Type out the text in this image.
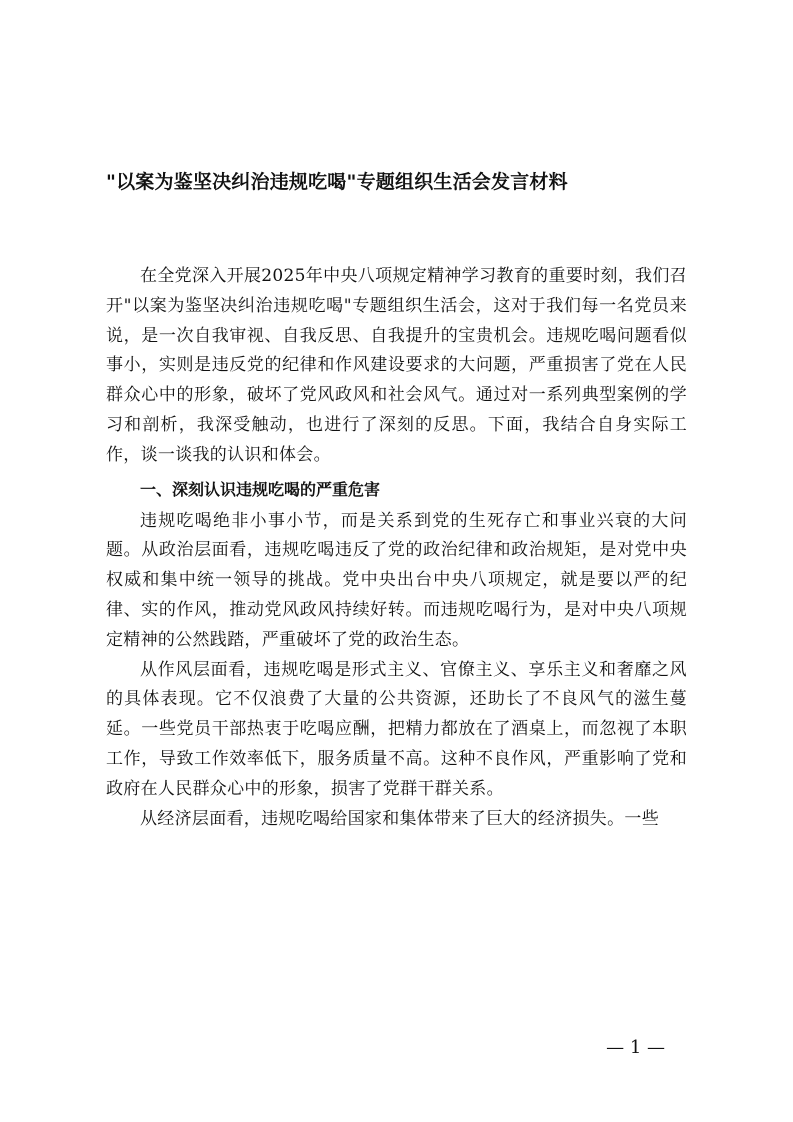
"以案为鉴坚决纠治违规吃喝"专题组织生活会发言材料

在全党深入开展2025年中央八项规定精神学习教育的重要时刻，我们召开"以案为鉴坚决纠治违规吃喝"专题组织生活会，这对于我们每一名党员来说，是一次自我审视、自我反思、自我提升的宝贵机会。违规吃喝问题看似事小，实则是违反党的纪律和作风建设要求的大问题，严重损害了党在人民群众心中的形象，破坏了党风政风和社会风气。通过对一系列典型案例的学习和剖析，我深受触动，也进行了深刻的反思。下面，我结合自身实际工作，谈一谈我的认识和体会。

一、深刻认识违规吃喝的严重危害

违规吃喝绝非小事小节，而是关系到党的生死存亡和事业兴衰的大问题。从政治层面看，违规吃喝违反了党的政治纪律和政治规矩，是对党中央权威和集中统一领导的挑战。党中央出台中央八项规定，就是要以严的纪律、实的作风，推动党风政风持续好转。而违规吃喝行为，是对中央八项规定精神的公然践踏，严重破坏了党的政治生态。

从作风层面看，违规吃喝是形式主义、官僚主义、享乐主义和奢靡之风的具体表现。它不仅浪费了大量的公共资源，还助长了不良风气的滋生蔓延。一些党员干部热衷于吃喝应酬，把精力都放在了酒桌上，而忽视了本职工作，导致工作效率低下，服务质量不高。这种不良作风，严重影响了党和政府在人民群众心中的形象，损害了党群干群关系。

从经济层面看，违规吃喝给国家和集体带来了巨大的经济损失。一些

— 1 —
